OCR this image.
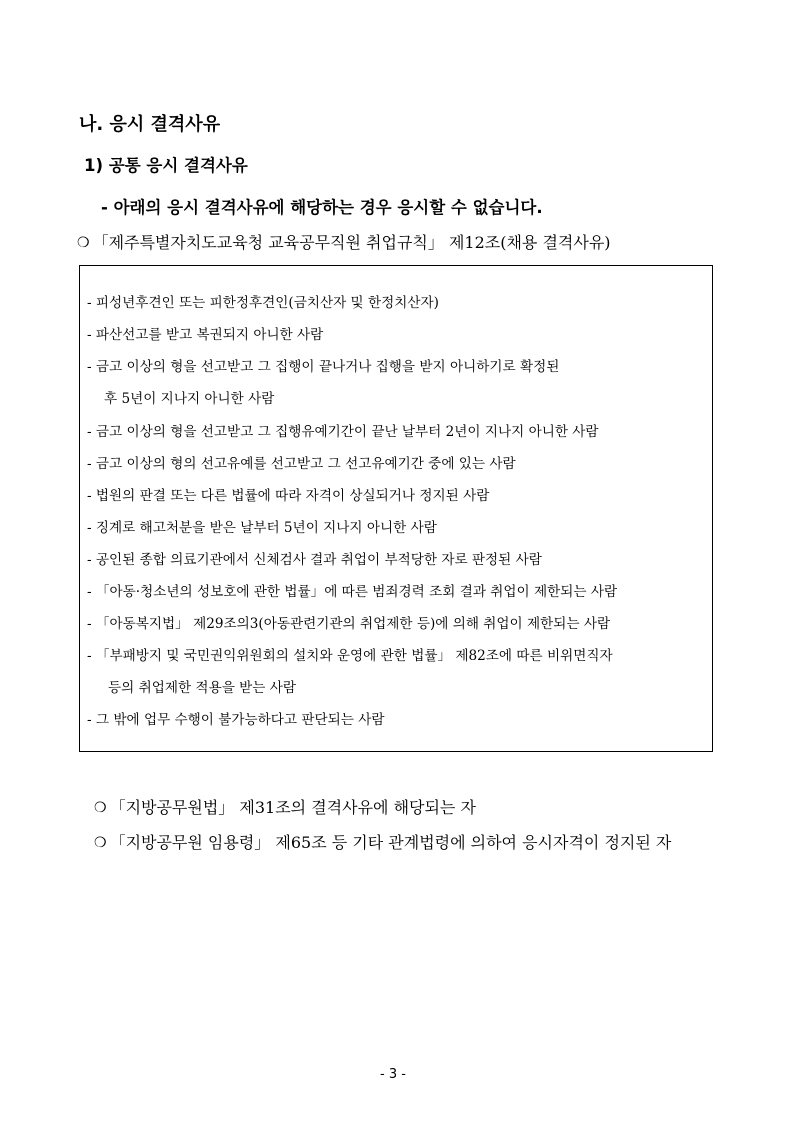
나. 응시 결격사유
1) 공통 응시 결격사유
- 아래의 응시 결격사유에 해당하는 경우 응시할 수 없습니다.
❍ 「제주특별자치도교육청 교육공무직원 취업규칙」 제12조(채용 결격사유)
- 피성년후견인 또는 피한정후견인(금치산자 및 한정치산자)
- 파산선고를 받고 복권되지 아니한 사람
- 금고 이상의 형을 선고받고 그 집행이 끝나거나 집행을 받지 아니하기로 확정된
후 5년이 지나지 아니한 사람
- 금고 이상의 형을 선고받고 그 집행유예기간이 끝난 날부터 2년이 지나지 아니한 사람
- 금고 이상의 형의 선고유예를 선고받고 그 선고유예기간 중에 있는 사람
- 법원의 판결 또는 다른 법률에 따라 자격이 상실되거나 정지된 사람
- 징계로 해고처분을 받은 날부터 5년이 지나지 아니한 사람
- 공인된 종합 의료기관에서 신체검사 결과 취업이 부적당한 자로 판정된 사람
- 「아동·청소년의 성보호에 관한 법률」에 따른 범죄경력 조회 결과 취업이 제한되는 사람
- 「아동복지법」 제29조의3(아동관련기관의 취업제한 등)에 의해 취업이 제한되는 사람
- 「부패방지 및 국민권익위원회의 설치와 운영에 관한 법률」 제82조에 따른 비위면직자
등의 취업제한 적용을 받는 사람
- 그 밖에 업무 수행이 불가능하다고 판단되는 사람
❍ 「지방공무원법」 제31조의 결격사유에 해당되는 자
❍ 「지방공무원 임용령」 제65조 등 기타 관계법령에 의하여 응시자격이 정지된 자
- 3 -
